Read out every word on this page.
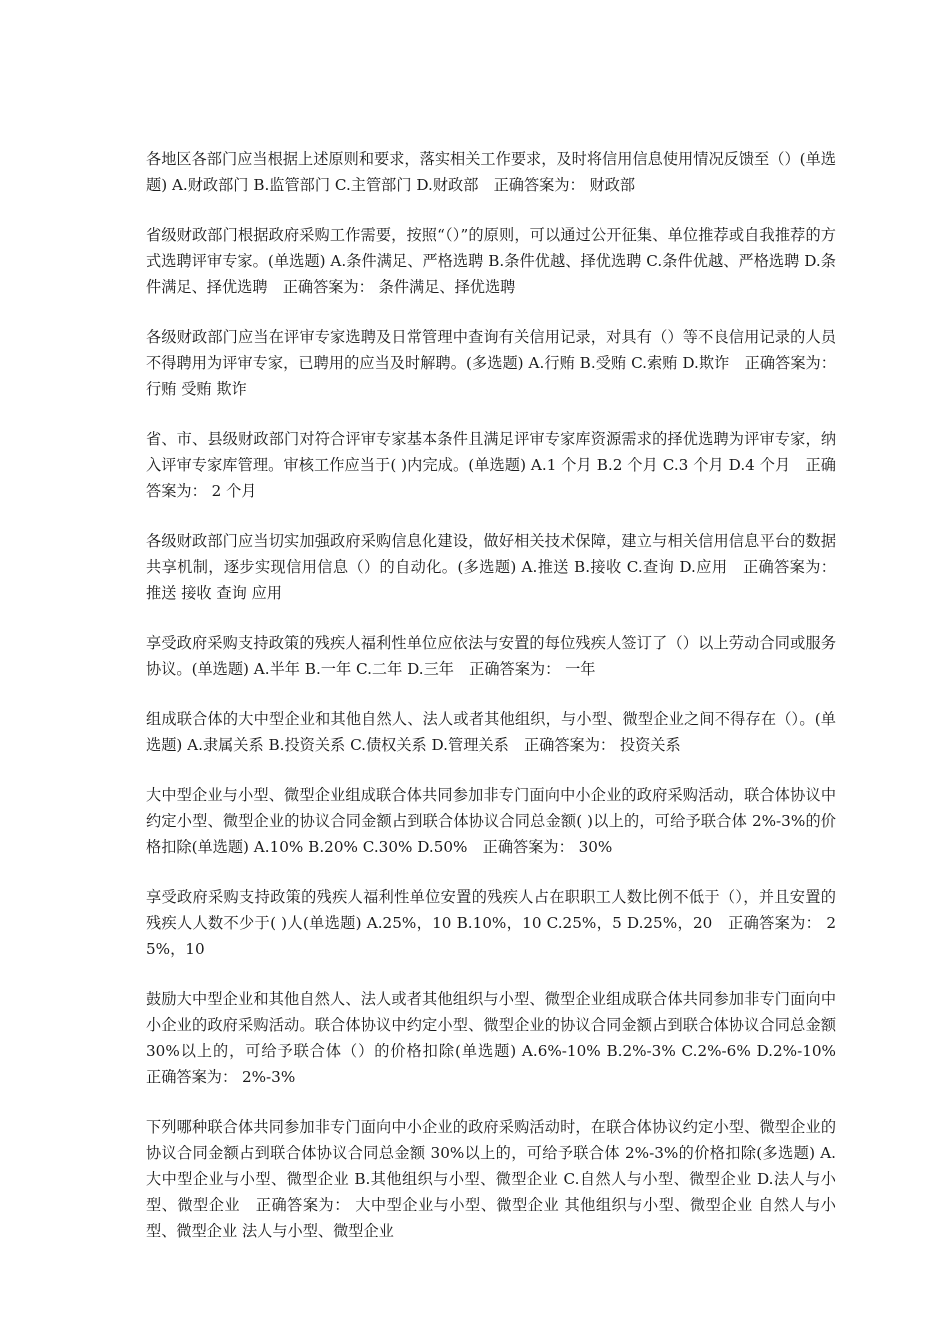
各地区各部门应当根据上述原则和要求，落实相关工作要求，及时将信用信息使用情况反馈至（）(单选题) A.财政部门 B.监管部门 C.主管部门 D.财政部　正确答案为： 财政部

省级财政部门根据政府采购工作需要，按照“（）”的原则，可以通过公开征集、单位推荐或自我推荐的方式选聘评审专家。(单选题) A.条件满足、严格选聘 B.条件优越、择优选聘 C.条件优越、严格选聘 D.条件满足、择优选聘　正确答案为： 条件满足、择优选聘

各级财政部门应当在评审专家选聘及日常管理中查询有关信用记录，对具有（）等不良信用记录的人员不得聘用为评审专家，已聘用的应当及时解聘。(多选题) A.行贿 B.受贿 C.索贿 D.欺诈　正确答案为： 行贿 受贿 欺诈

省、市、县级财政部门对符合评审专家基本条件且满足评审专家库资源需求的择优选聘为评审专家，纳入评审专家库管理。审核工作应当于( )内完成。(单选题) A.1 个月 B.2 个月 C.3 个月 D.4 个月　正确答案为： 2 个月

各级财政部门应当切实加强政府采购信息化建设，做好相关技术保障，建立与相关信用信息平台的数据共享机制，逐步实现信用信息（）的自动化。(多选题) A.推送 B.接收 C.查询 D.应用　正确答案为： 推送 接收 查询 应用

享受政府采购支持政策的残疾人福利性单位应依法与安置的每位残疾人签订了（）以上劳动合同或服务协议。(单选题) A.半年 B.一年 C.二年 D.三年　正确答案为： 一年

组成联合体的大中型企业和其他自然人、法人或者其他组织，与小型、微型企业之间不得存在（）。(单选题) A.隶属关系 B.投资关系 C.债权关系 D.管理关系　正确答案为： 投资关系

大中型企业与小型、微型企业组成联合体共同参加非专门面向中小企业的政府采购活动，联合体协议中约定小型、微型企业的协议合同金额占到联合体协议合同总金额( )以上的，可给予联合体 2%-3%的价格扣除(单选题) A.10% B.20% C.30% D.50%　正确答案为： 30%

享受政府采购支持政策的残疾人福利性单位安置的残疾人占在职职工人数比例不低于（），并且安置的残疾人人数不少于( )人(单选题) A.25%，10 B.10%，10 C.25%，5 D.25%，20　正确答案为： 25%，10

鼓励大中型企业和其他自然人、法人或者其他组织与小型、微型企业组成联合体共同参加非专门面向中小企业的政府采购活动。联合体协议中约定小型、微型企业的协议合同金额占到联合体协议合同总金额 30%以上的，可给予联合体（）的价格扣除(单选题) A.6%-10% B.2%-3% C.2%-6% D.2%-10%　正确答案为： 2%-3%

下列哪种联合体共同参加非专门面向中小企业的政府采购活动时，在联合体协议约定小型、微型企业的协议合同金额占到联合体协议合同总金额 30%以上的，可给予联合体 2%-3%的价格扣除(多选题) A.大中型企业与小型、微型企业 B.其他组织与小型、微型企业 C.自然人与小型、微型企业 D.法人与小型、微型企业　正确答案为： 大中型企业与小型、微型企业 其他组织与小型、微型企业 自然人与小型、微型企业 法人与小型、微型企业
